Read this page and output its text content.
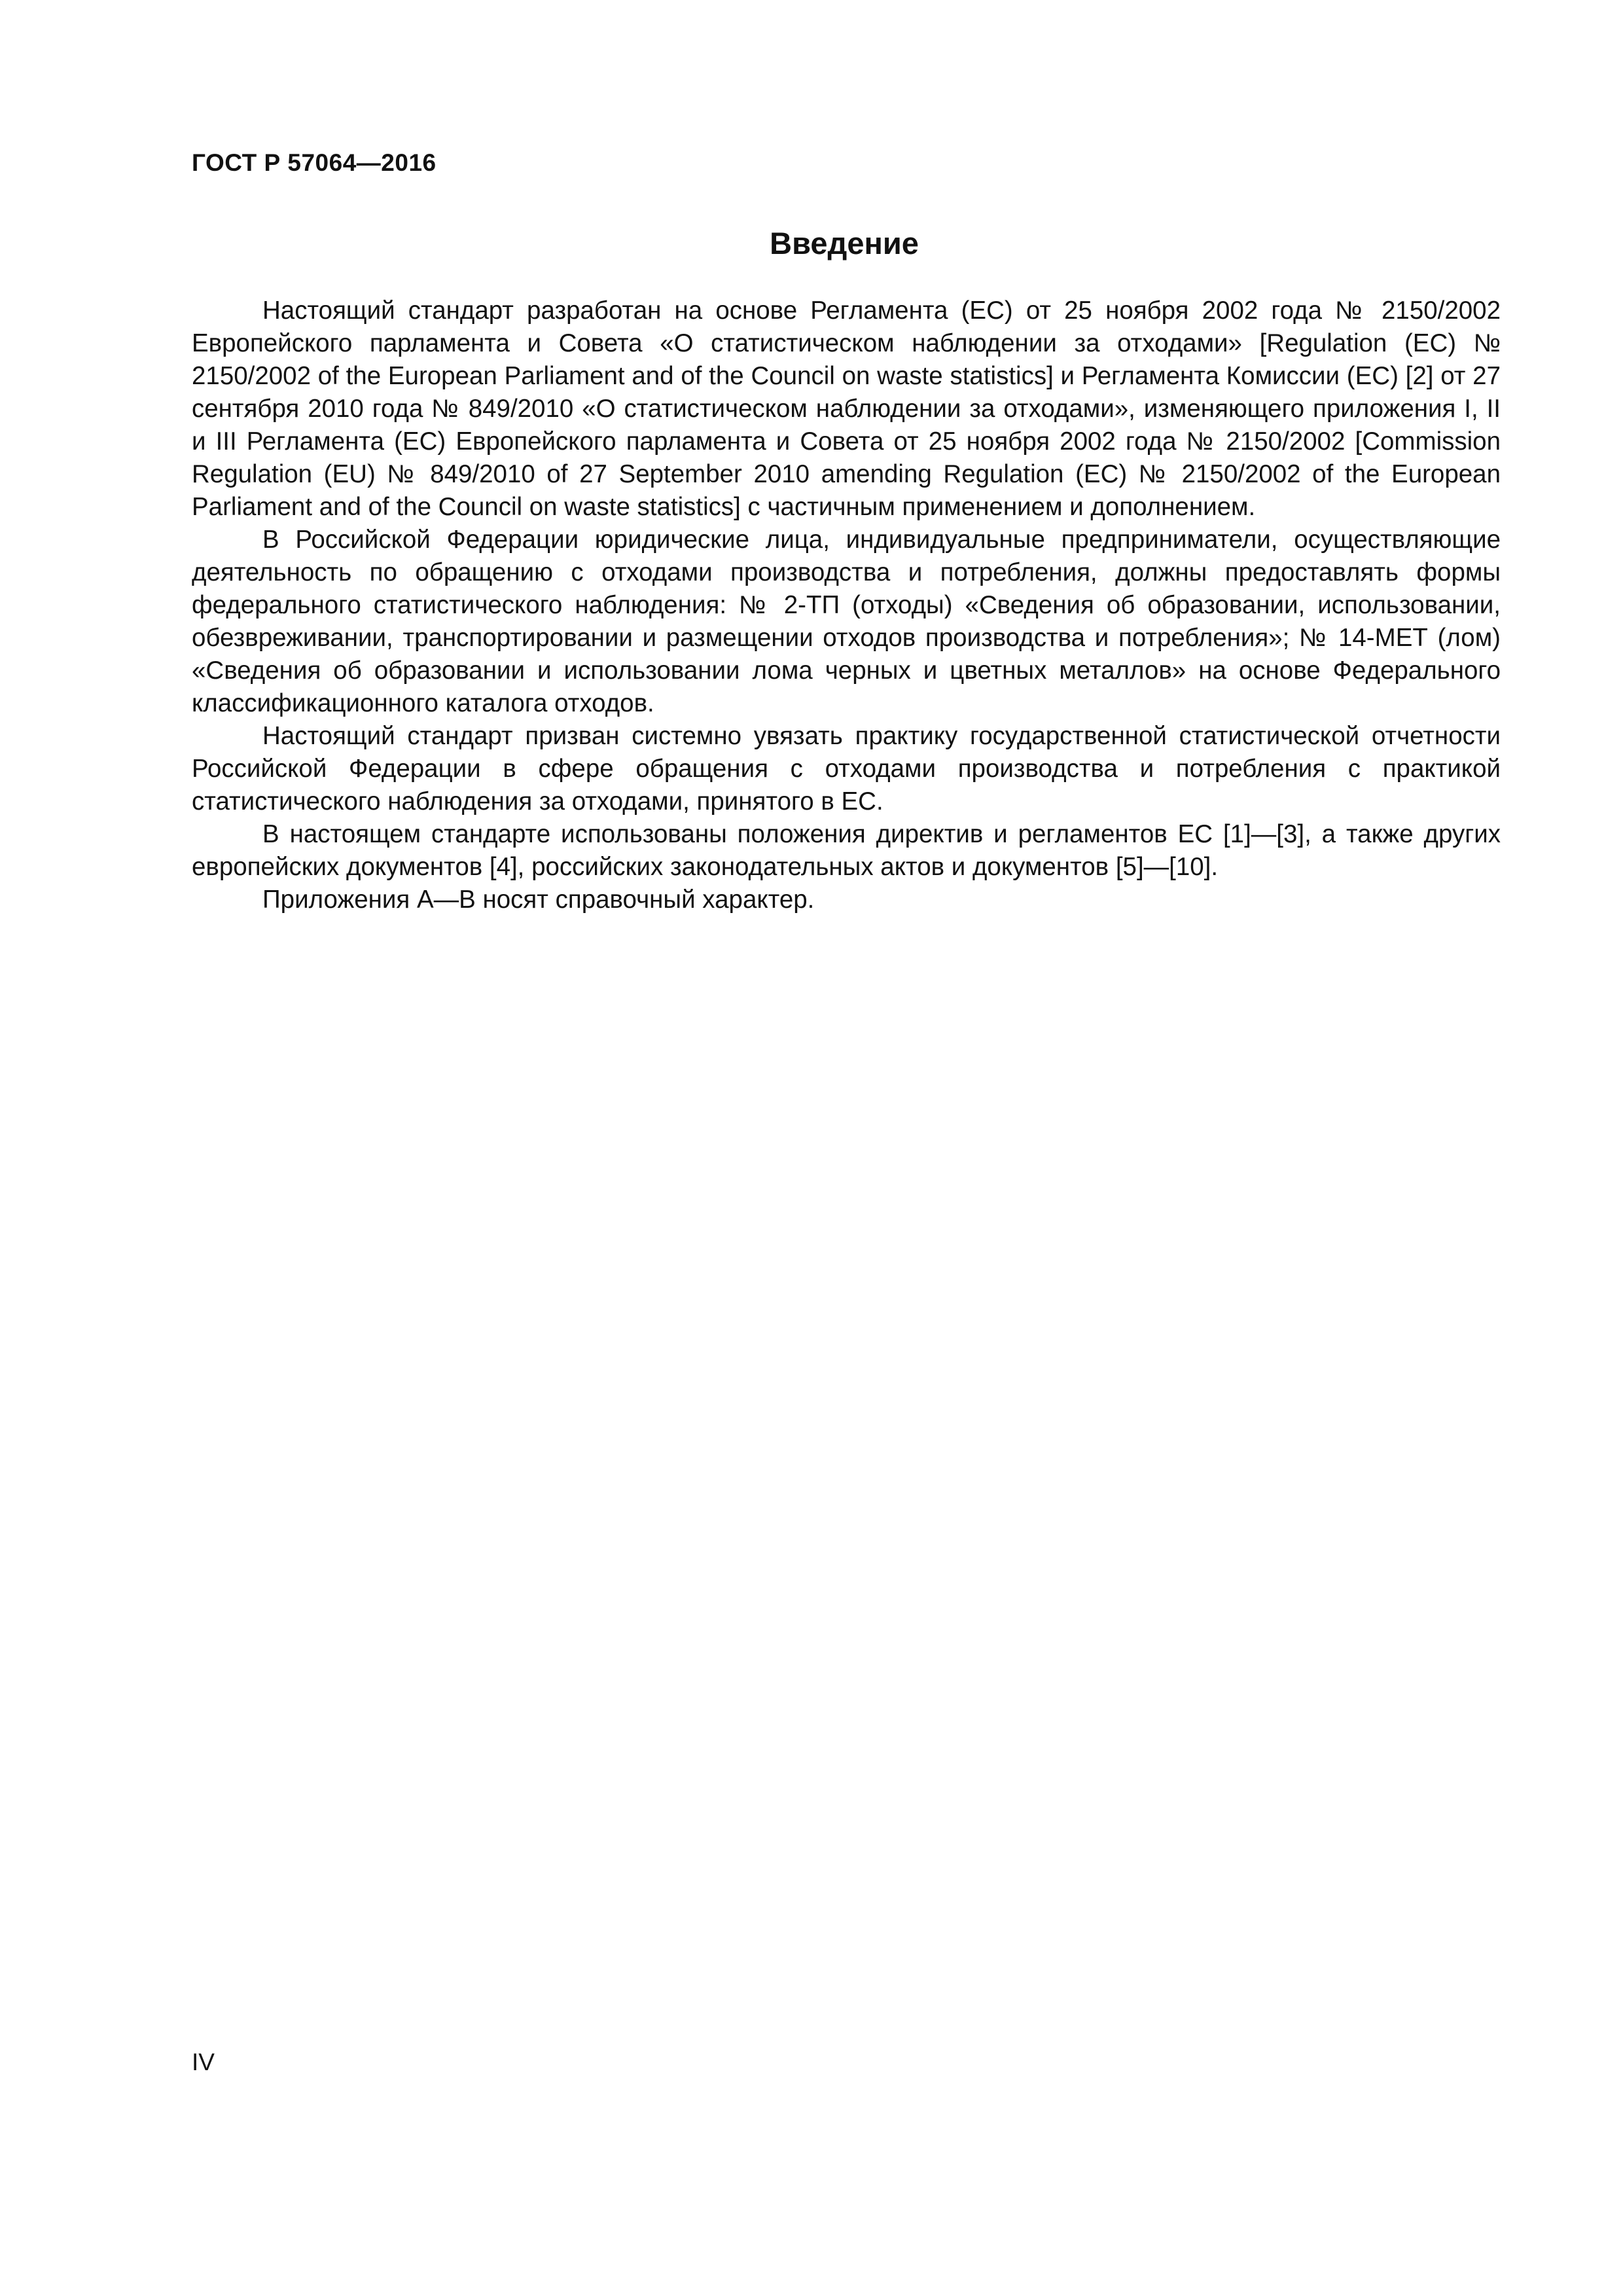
ГОСТ Р 57064—2016
Введение

Настоящий стандарт разработан на основе Регламента (ЕС) от 25 ноября 2002 года № 2150/2002 Европейского парламента и Совета «О статистическом наблюдении за отходами» [Regulation (EC) № 2150/2002 of the European Parliament and of the Council on waste statistics] и Регламента Комиссии (ЕС) [2] от 27 сентября 2010 года № 849/2010 «О статистическом наблюдении за отходами», изменяющего приложения I, II и III Регламента (ЕС) Европейского парламента и Совета от 25 ноября 2002 года № 2150/2002 [Commission Regulation (EU) № 849/2010 of 27 September 2010 amending Regulation (EC) № 2150/2002 of the European Parliament and of the Council on waste statistics] с частичным применением и дополнением.

В Российской Федерации юридические лица, индивидуальные предприниматели, осуществляющие деятельность по обращению с отходами производства и потребления, должны предоставлять формы федерального статистического наблюдения: № 2-ТП (отходы) «Сведения об образовании, использовании, обезвреживании, транспортировании и размещении отходов производства и потребления»; № 14-МЕТ (лом) «Сведения об образовании и использовании лома черных и цветных металлов» на основе Федерального классификационного каталога отходов.

Настоящий стандарт призван системно увязать практику государственной статистической отчетности Российской Федерации в сфере обращения с отходами производства и потребления с практикой статистического наблюдения за отходами, принятого в ЕС.

В настоящем стандарте использованы положения директив и регламентов ЕС [1]—[3], а также других европейских документов [4], российских законодательных актов и документов [5]—[10].

Приложения А—В носят справочный характер.

IV
